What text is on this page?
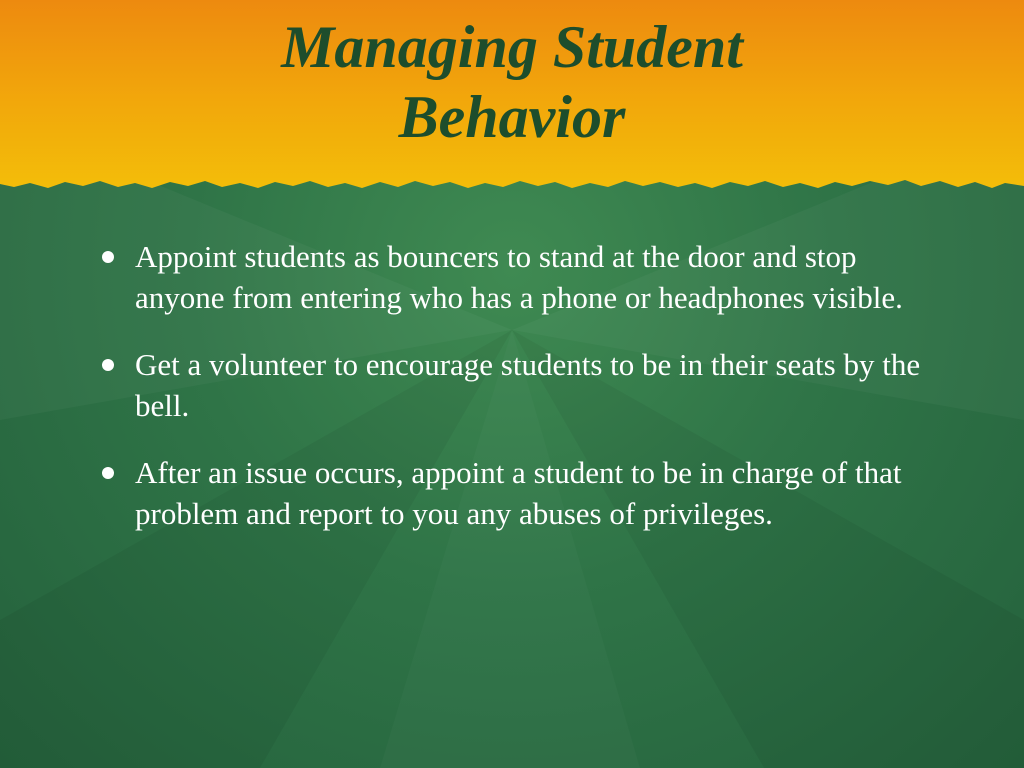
Managing Student
Behavior
Appoint students as bouncers to stand at the door and stop anyone from entering who has a phone or headphones visible.
Get a volunteer to encourage students to be in their seats by the bell.
After an issue occurs, appoint a student to be in charge of that problem and report to you any abuses of privileges.
